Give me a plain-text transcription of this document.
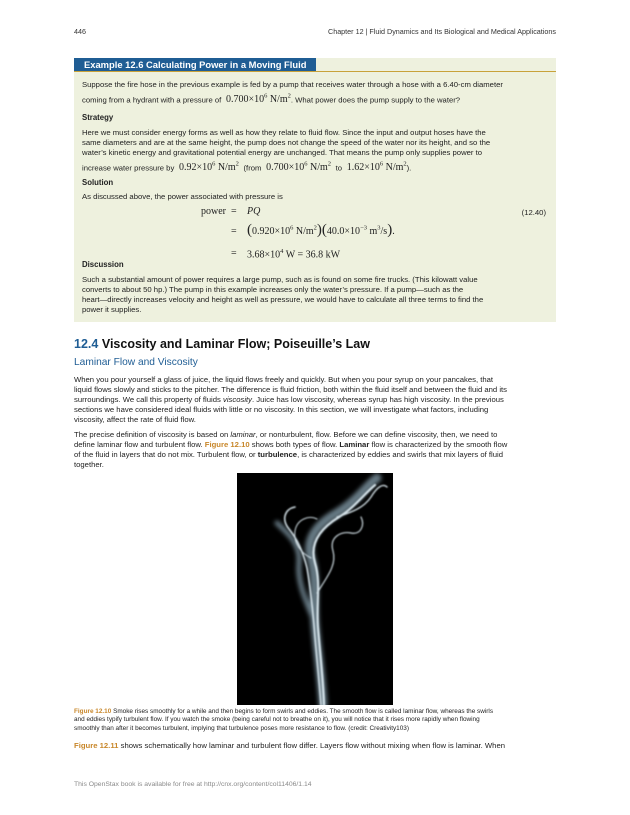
446	Chapter 12 | Fluid Dynamics and Its Biological and Medical Applications
Example 12.6 Calculating Power in a Moving Fluid
Suppose the fire hose in the previous example is fed by a pump that receives water through a hose with a 6.40-cm diameter
coming from a hydrant with a pressure of  $0.700\times 10^6$ $N/m^2$. What power does the pump supply to the water?
Strategy
Here we must consider energy forms as well as how they relate to fluid flow. Since the input and output hoses have the
same diameters and are at the same height, the pump does not change the speed of the water nor its height, and so the
water’s kinetic energy and gravitational potential energy are unchanged. That means the pump only supplies power to
increase water pressure by  $0.92\times 10^6$ $N/m^2$ (from  $0.700\times 10^6$ $N/m^2$ to  $1.62\times 10^6$ $N/m^2$).
Solution
As discussed above, the power associated with pressure is
power = PQ	(12.40)
= ($0.920\times 10^6$ $N/m^2)(40.0\times 10^{-3}$ $m^3/s$).
= $3.68\times 10^4$ W = 36.8 kW
Discussion
Such a substantial amount of power requires a large pump, such as is found on some fire trucks. (This kilowatt value
converts to about 50 hp.) The pump in this example increases only the water’s pressure. If a pump—such as the
heart—directly increases velocity and height as well as pressure, we would have to calculate all three terms to find the
power it supplies.
12.4 Viscosity and Laminar Flow; Poiseuille’s Law
Laminar Flow and Viscosity
When you pour yourself a glass of juice, the liquid flows freely and quickly. But when you pour syrup on your pancakes, that
liquid flows slowly and sticks to the pitcher. The difference is fluid friction, both within the fluid itself and between the fluid and its
surroundings. We call this property of fluids viscosity. Juice has low viscosity, whereas syrup has high viscosity. In the previous
sections we have considered ideal fluids with little or no viscosity. In this section, we will investigate what factors, including
viscosity, affect the rate of fluid flow.
The precise definition of viscosity is based on laminar, or nonturbulent, flow. Before we can define viscosity, then, we need to
define laminar flow and turbulent flow. Figure 12.10 shows both types of flow. Laminar flow is characterized by the smooth flow
of the fluid in layers that do not mix. Turbulent flow, or turbulence, is characterized by eddies and swirls that mix layers of fluid
together.
Figure 12.10 Smoke rises smoothly for a while and then begins to form swirls and eddies. The smooth flow is called laminar flow, whereas the swirls
and eddies typify turbulent flow. If you watch the smoke (being careful not to breathe on it), you will notice that it rises more rapidly when flowing
smoothly than after it becomes turbulent, implying that turbulence poses more resistance to flow. (credit: Creativity103)
Figure 12.11 shows schematically how laminar and turbulent flow differ. Layers flow without mixing when flow is laminar. When
This OpenStax book is available for free at http://cnx.org/content/col11406/1.14
